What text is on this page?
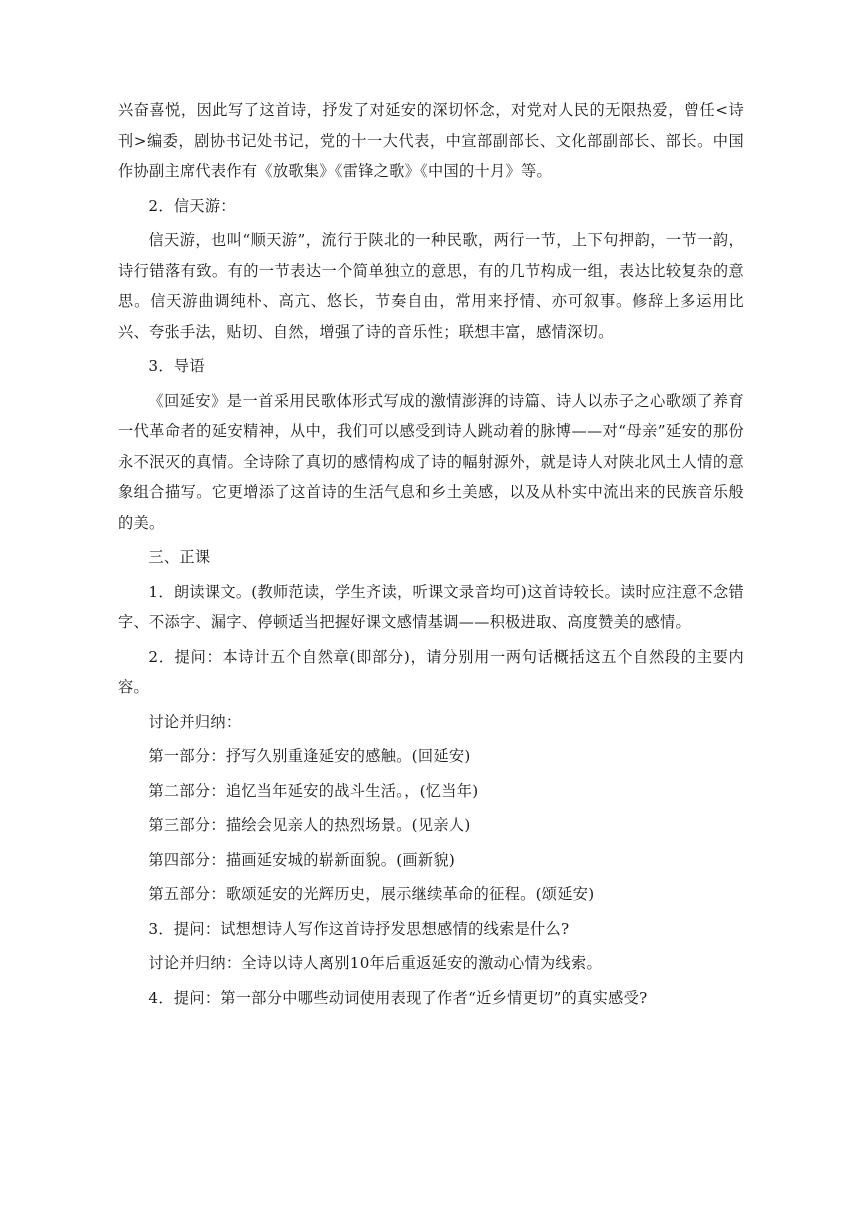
兴奋喜悦，因此写了这首诗，抒发了对延安的深切怀念，对党对人民的无限热爱，曾任<诗刊>编委，剧协书记处书记，党的十一大代表，中宣部副部长、文化部副部长、部长。中国作协副主席代表作有《放歌集》《雷锋之歌》《中国的十月》等。

2．信天游：

信天游，也叫“顺天游”，流行于陕北的一种民歌，两行一节，上下句押韵，一节一韵，诗行错落有致。有的一节表达一个简单独立的意思，有的几节构成一组，表达比较复杂的意思。信天游曲调纯朴、高亢、悠长，节奏自由，常用来抒情、亦可叙事。修辞上多运用比兴、夸张手法，贴切、自然，增强了诗的音乐性；联想丰富，感情深切。

3．导语

《回延安》是一首采用民歌体形式写成的激情澎湃的诗篇、诗人以赤子之心歌颂了养育一代革命者的延安精神，从中，我们可以感受到诗人跳动着的脉博——对“母亲”延安的那份永不泯灭的真情。全诗除了真切的感情构成了诗的幅射源外，就是诗人对陕北风土人情的意象组合描写。它更增添了这首诗的生活气息和乡土美感，以及从朴实中流出来的民族音乐般的美。

三、正课

1．朗读课文。(教师范读，学生齐读，听课文录音均可)这首诗较长。读时应注意不念错字、不添字、漏字、停顿适当把握好课文感情基调——积极进取、高度赞美的感情。

2．提问：本诗计五个自然章(即部分)，请分别用一两句话概括这五个自然段的主要内容。

讨论并归纳：

第一部分：抒写久别重逢延安的感触。(回延安)

第二部分：追忆当年延安的战斗生活。，(忆当年)

第三部分：描绘会见亲人的热烈场景。(见亲人)

第四部分：描画延安城的崭新面貌。(画新貌)

第五部分：歌颂延安的光辉历史，展示继续革命的征程。(颂延安)

3．提问：试想想诗人写作这首诗抒发思想感情的线索是什么?

讨论并归纳：全诗以诗人离别10年后重返延安的激动心情为线索。

4．提问：第一部分中哪些动词使用表现了作者“近乡情更切”的真实感受?
